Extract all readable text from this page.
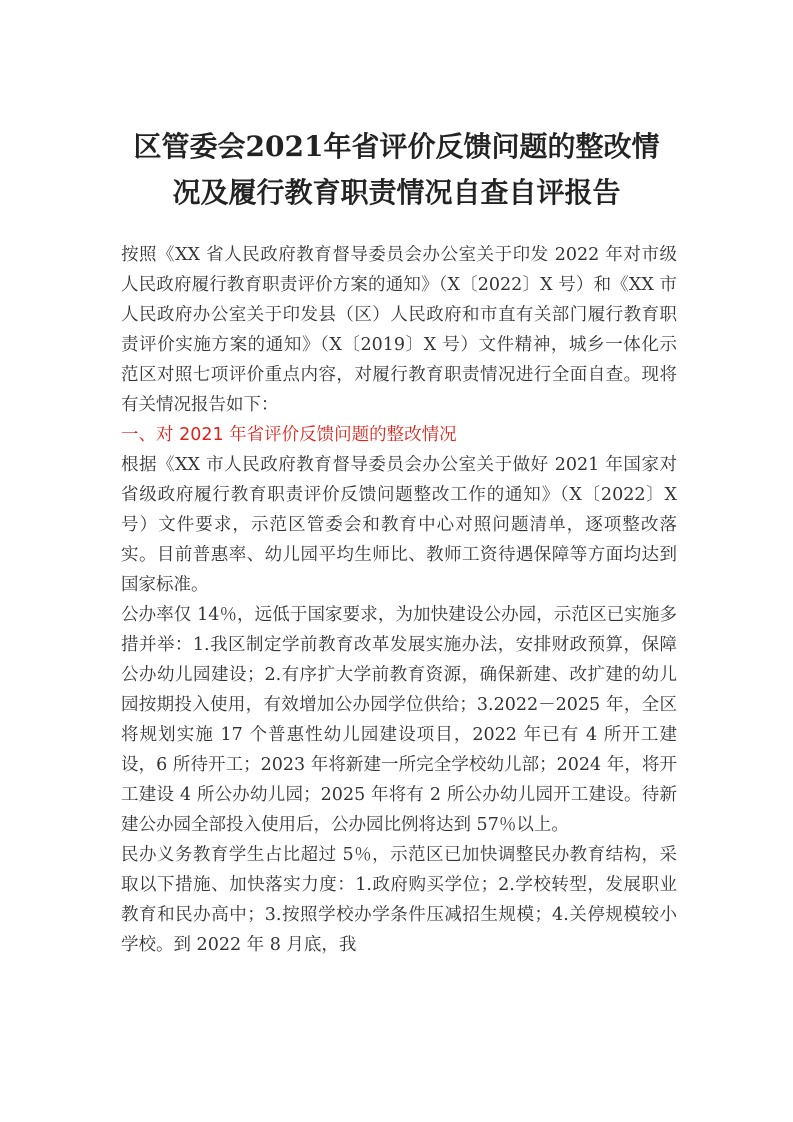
区管委会2021年省评价反馈问题的整改情
况及履行教育职责情况自查自评报告

按照《XX 省人民政府教育督导委员会办公室关于印发 2022 年对市级人民政府履行教育职责评价方案的通知》（X〔2022〕X 号）和《XX 市人民政府办公室关于印发县（区）人民政府和市直有关部门履行教育职责评价实施方案的通知》（X〔2019〕X 号）文件精神，城乡一体化示范区对照七项评价重点内容，对履行教育职责情况进行全面自查。现将有关情况报告如下：

一、对 2021 年省评价反馈问题的整改情况

根据《XX 市人民政府教育督导委员会办公室关于做好 2021 年国家对省级政府履行教育职责评价反馈问题整改工作的通知》（X〔2022〕X 号）文件要求，示范区管委会和教育中心对照问题清单，逐项整改落实。目前普惠率、幼儿园平均生师比、教师工资待遇保障等方面均达到国家标准。

公办率仅 14％，远低于国家要求，为加快建设公办园，示范区已实施多措并举：1.我区制定学前教育改革发展实施办法，安排财政预算，保障公办幼儿园建设；2.有序扩大学前教育资源，确保新建、改扩建的幼儿园按期投入使用，有效增加公办园学位供给；3.2022－2025 年，全区将规划实施 17 个普惠性幼儿园建设项目，2022 年已有 4 所开工建设，6 所待开工；2023 年将新建一所完全学校幼儿部；2024 年，将开工建设 4 所公办幼儿园；2025 年将有 2 所公办幼儿园开工建设。待新建公办园全部投入使用后，公办园比例将达到 57％以上。

民办义务教育学生占比超过 5％，示范区已加快调整民办教育结构，采取以下措施、加快落实力度：1.政府购买学位；2.学校转型，发展职业教育和民办高中；3.按照学校办学条件压减招生规模；4.关停规模较小学校。到 2022 年 8 月底，我
